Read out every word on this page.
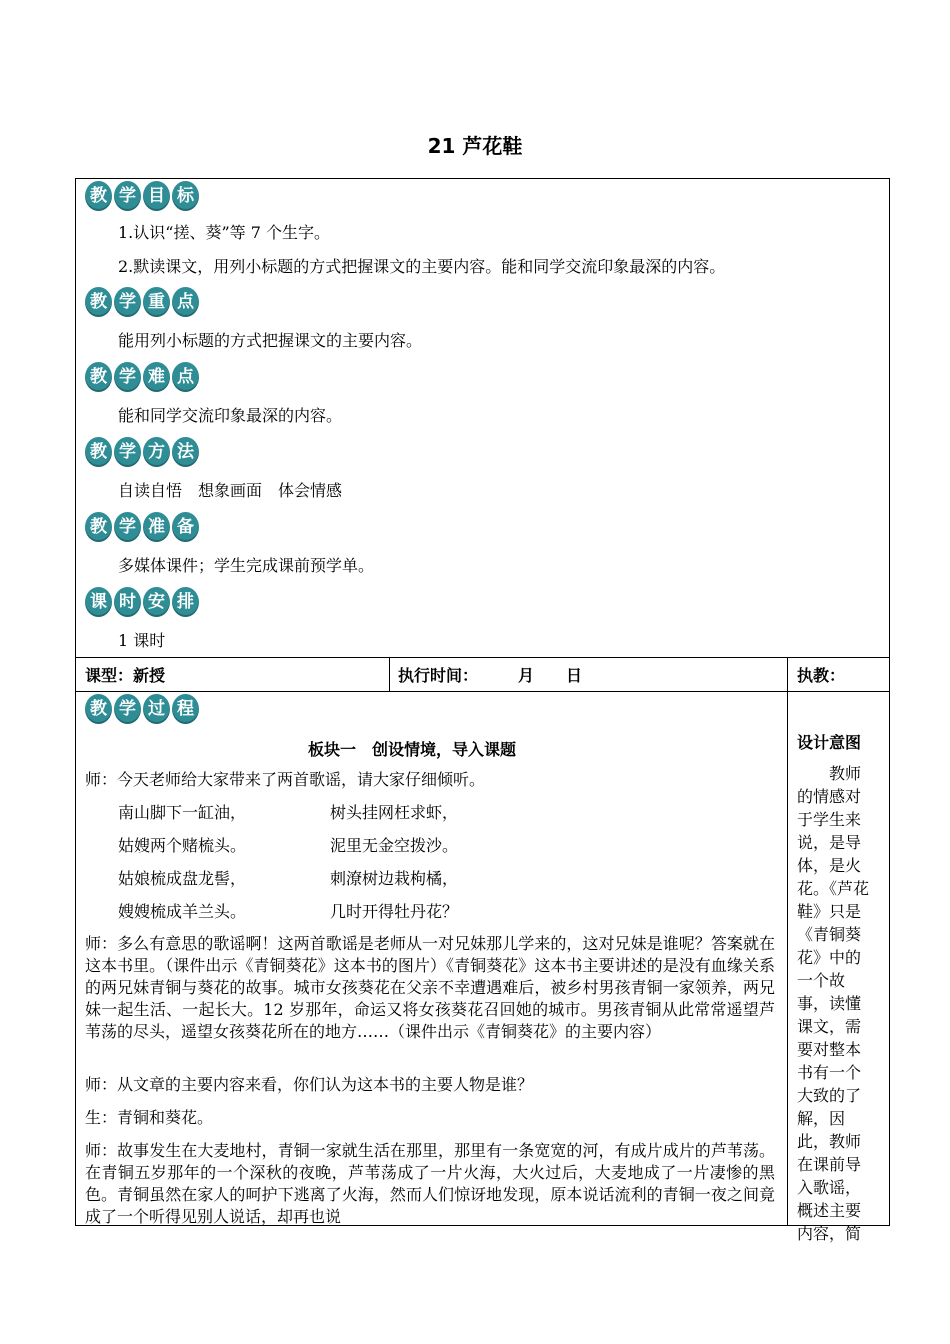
21 芦花鞋
教 学 目 标
1.认识“搓、葵”等 7 个生字。
2.默读课文，用列小标题的方式把握课文的主要内容。能和同学交流印象最深的内容。
教 学 重 点
能用列小标题的方式把握课文的主要内容。
教 学 难 点
能和同学交流印象最深的内容。
教 学 方 法
自读自悟　想象画面　体会情感
教 学 准 备
多媒体课件；学生完成课前预学单。
课 时 安 排
1 课时
课型：新授	执行时间：　　　月　　日	执教：
教 学 过 程
板块一　创设情境，导入课题
师：今天老师给大家带来了两首歌谣，请大家仔细倾听。
南山脚下一缸油，	树头挂网枉求虾，
姑嫂两个赌梳头。	泥里无金空拨沙。
姑娘梳成盘龙髻，	刺潦树边栽枸橘，
嫂嫂梳成羊兰头。	几时开得牡丹花？
师：多么有意思的歌谣啊！这两首歌谣是老师从一对兄妹那儿学来的，这对兄妹是谁呢？答案就在这本书里。（课件出示《青铜葵花》这本书的图片）《青铜葵花》这本书主要讲述的是没有血缘关系的两兄妹青铜与葵花的故事。城市女孩葵花在父亲不幸遭遇难后，被乡村男孩青铜一家领养，两兄妹一起生活、一起长大。12 岁那年，命运又将女孩葵花召回她的城市。男孩青铜从此常常遥望芦苇荡的尽头，遥望女孩葵花所在的地方……（课件出示《青铜葵花》的主要内容）
师：从文章的主要内容来看，你们认为这本书的主要人物是谁？
生：青铜和葵花。
师：故事发生在大麦地村，青铜一家就生活在那里，那里有一条宽宽的河，有成片成片的芦苇荡。在青铜五岁那年的一个深秋的夜晚，芦苇荡成了一片火海，大火过后，大麦地成了一片凄惨的黑色。青铜虽然在家人的呵护下逃离了火海，然而人们惊讶地发现，原本说话流利的青铜一夜之间竟成了一个听得见别人说话，却再也说
设计意图
　　教师的情感对于学生来说，是导体，是火花。《芦花鞋》只是《青铜葵花》中的一个故事，读懂课文，需要对整本书有一个大致的了解，因此，教师在课前导入歌谣，概述主要内容，简
